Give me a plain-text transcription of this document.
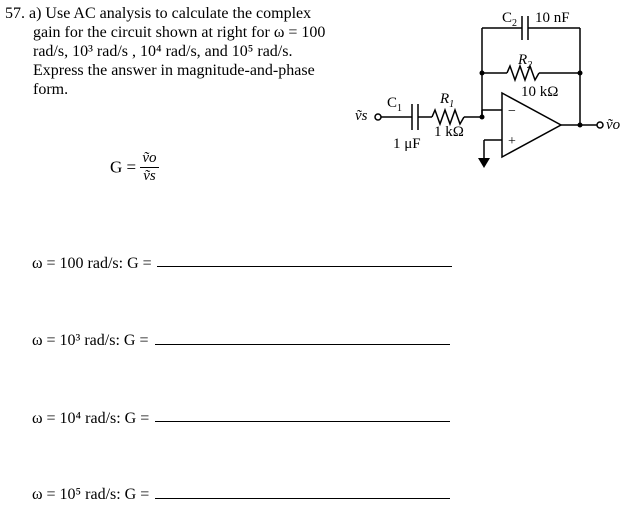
57. a) Use AC analysis to calculate the complex
gain for the circuit shown at right for ω = 100
rad/s, 10³ rad/s , 10⁴ rad/s, and 10⁵ rad/s.
Express the answer in magnitude-and-phase
form.
$G = \frac{\text{ṽo}}{\text{ṽs}}$
ω = 100 rad/s: G =
ω = 10³ rad/s: G =
ω = 10⁴ rad/s: G =
ω = 10⁵ rad/s: G =
$C_2$ 10 nF
$R_2$
10 kΩ
$C_1$
1 μF
$R_1$
1 kΩ
ṽs
ṽo
−
+
